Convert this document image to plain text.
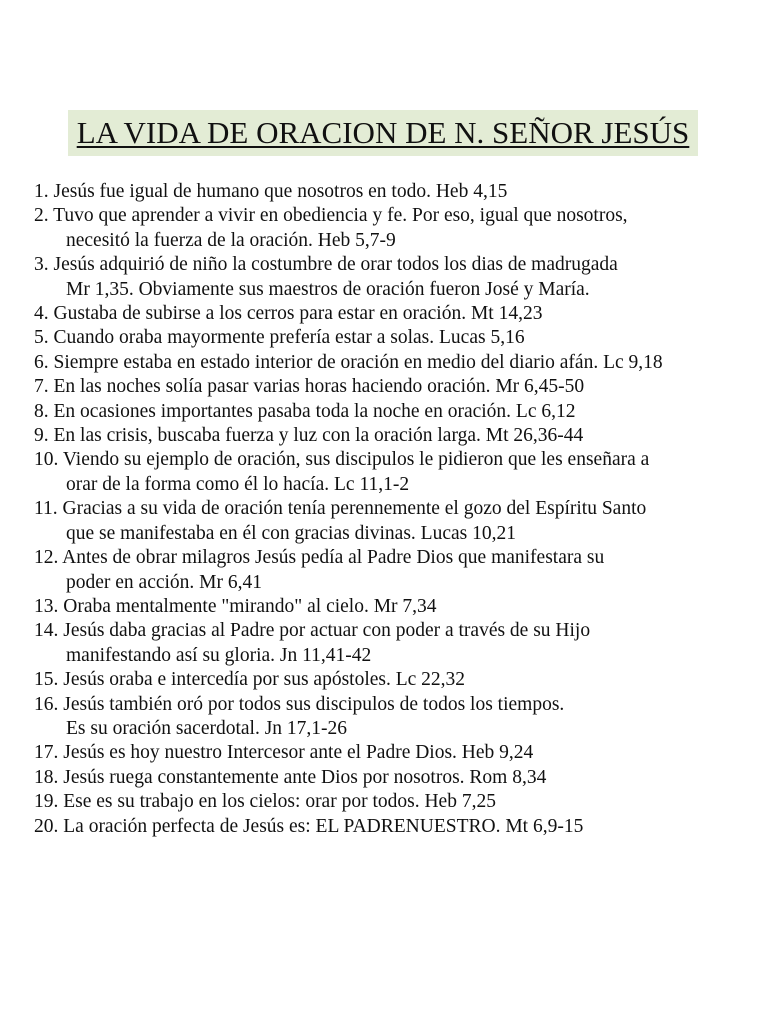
LA VIDA DE ORACION DE N. SEÑOR JESÚS
1. Jesús fue igual de humano que nosotros en todo. Heb 4,15
2. Tuvo que aprender a vivir en obediencia y fe. Por eso, igual que nosotros,
necesitó la fuerza de la oración. Heb 5,7-9
3. Jesús adquirió de niño la costumbre de orar todos los dias de madrugada
Mr 1,35. Obviamente sus maestros de oración fueron José y María.
4. Gustaba de subirse a los cerros para estar en oración. Mt 14,23
5. Cuando oraba mayormente prefería estar a solas. Lucas 5,16
6. Siempre estaba en estado interior de oración en medio del diario afán. Lc 9,18
7. En las noches solía pasar varias horas haciendo oración. Mr 6,45-50
8. En ocasiones importantes pasaba toda la noche en oración. Lc 6,12
9. En las crisis, buscaba fuerza y luz con la oración larga. Mt 26,36-44
10. Viendo su ejemplo de oración, sus discipulos le pidieron que les enseñara a
orar de la forma como él lo hacía. Lc 11,1-2
11. Gracias a su vida de oración tenía perennemente el gozo del Espíritu Santo
que se manifestaba en él con gracias divinas. Lucas 10,21
12. Antes de obrar milagros Jesús pedía al Padre Dios que manifestara su
poder en acción. Mr 6,41
13. Oraba mentalmente "mirando" al cielo. Mr 7,34
14. Jesús daba gracias al Padre por actuar con poder a través de su Hijo
manifestando así su gloria. Jn 11,41-42
15. Jesús oraba e intercedía por sus apóstoles. Lc 22,32
16. Jesús también oró por todos sus discipulos de todos los tiempos.
Es su oración sacerdotal. Jn 17,1-26
17. Jesús es hoy nuestro Intercesor ante el Padre Dios. Heb 9,24
18. Jesús ruega constantemente ante Dios por nosotros. Rom 8,34
19. Ese es su trabajo en los cielos: orar por todos. Heb 7,25
20. La oración perfecta de Jesús es: EL PADRENUESTRO. Mt 6,9-15
